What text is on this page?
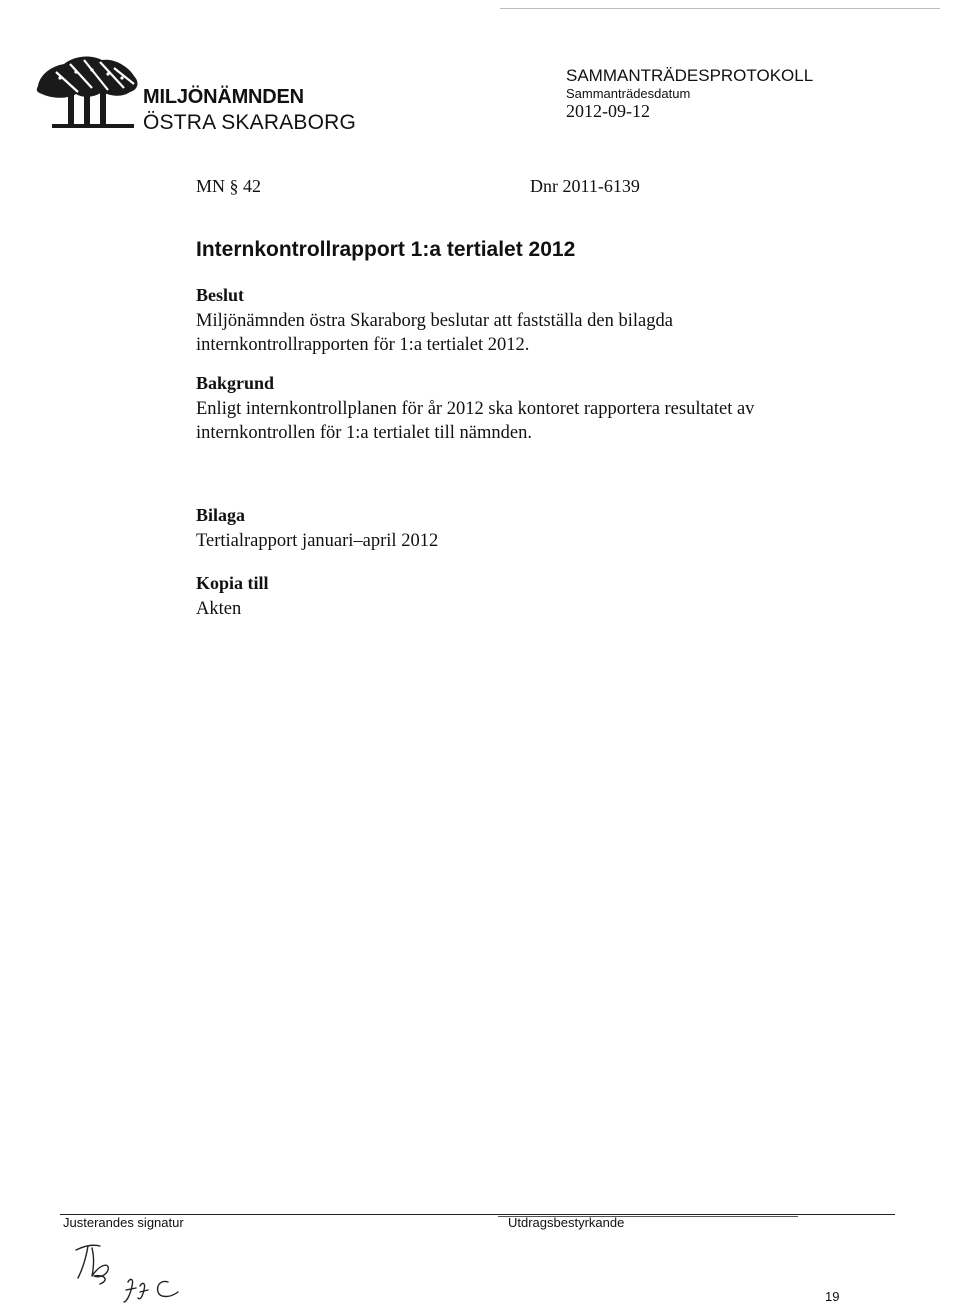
MILJÖNÄMNDEN
ÖSTRA SKARABORG
SAMMANTRÄDESPROTOKOLL
Sammanträdesdatum
2012-09-12
MN § 42	Dnr 2011-6139
Internkontrollrapport 1:a tertialet 2012
Beslut

Miljönämnden östra Skaraborg beslutar att fastställa den bilagda internkontrollrapporten för 1:a tertialet 2012.

Bakgrund

Enligt internkontrollplanen för år 2012 ska kontoret rapportera resultatet av internkontrollen för 1:a tertialet till nämnden.

Bilaga

Tertialrapport januari–april 2012

Kopia till

Akten

Justerandes signatur	Utdragsbestyrkande
19
